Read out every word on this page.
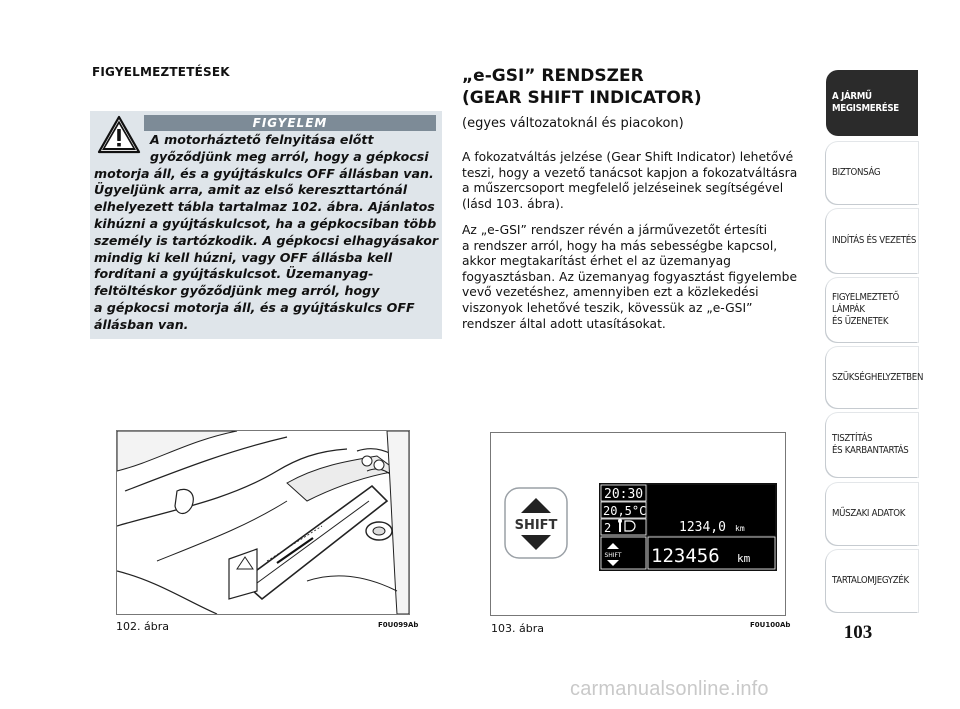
FIGYELMEZTETÉSEK
FIGYELEM
A motorháztető felnyitása előtt
győződjünk meg arról, hogy a gépkocsi
motorja áll, és a gyújtáskulcs OFF állásban van.
Ügyeljünk arra, amit az első kereszttartónál
elhelyezett tábla tartalmaz 102. ábra. Ajánlatos
kihúzni a gyújtáskulcsot, ha a gépkocsiban több
személy is tartózkodik. A gépkocsi elhagyásakor
mindig ki kell húzni, vagy OFF állásba kell
fordítani a gyújtáskulcsot. Üzemanyag-
feltöltéskor győződjünk meg arról, hogy
a gépkocsi motorja áll, és a gyújtáskulcs OFF
állásban van.
102. ábra	F0U099Ab
„e-GSI” RENDSZER
(GEAR SHIFT INDICATOR)
(egyes változatoknál és piacokon)
A fokozatváltás jelzése (Gear Shift Indicator) lehetővé
teszi, hogy a vezető tanácsot kapjon a fokozatváltásra
a műszercsoport megfelelő jelzéseinek segítségével
(lásd 103. ábra).
Az „e-GSI” rendszer révén a járművezetőt értesíti
a rendszer arról, hogy ha más sebességbe kapcsol,
akkor megtakarítást érhet el az üzemanyag
fogyasztásban. Az üzemanyag fogyasztást figyelembe
vevő vezetéshez, amennyiben ezt a közlekedési
viszonyok lehetővé teszik, kövessük az „e-GSI”
rendszer által adott utasításokat.
SHIFT
20:30
20,5°C
2
SHIFT
1234,0 km
123456 km
103. ábra	F0U100Ab
A JÁRMŰ
MEGISMERÉSE
BIZTONSÁG
INDÍTÁS ÉS VEZETÉS
FIGYELMEZTETŐ
LÁMPÁK
ÉS ÜZENETEK
SZÜKSÉGHELYZETBEN
TISZTÍTÁS
ÉS KARBANTARTÁS
MŰSZAKI ADATOK
TARTALOMJEGYZÉK
103
carmanualsonline.info
